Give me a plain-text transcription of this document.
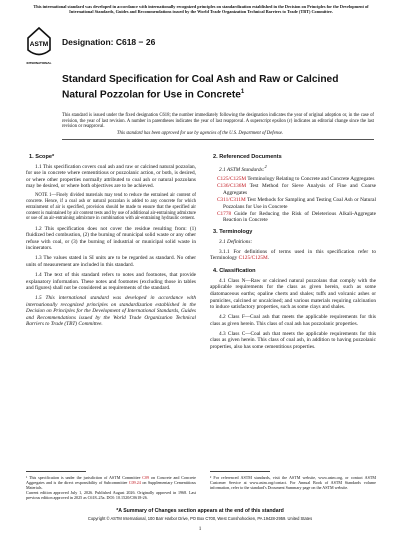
This international standard was developed in accordance with internationally recognized principles on standardization established in the Decision on Principles for the Development of International Standards, Guides and Recommendations issued by the World Trade Organization Technical Barriers to Trade (TBT) Committee.
ASTM
INTERNATIONAL
Designation: C618 − 26
Standard Specification for Coal Ash and Raw or Calcined Natural Pozzolan for Use in Concrete$^1$
This standard is issued under the fixed designation C618; the number immediately following the designation indicates the year of original adoption or, in the case of revision, the year of last revision. A number in parentheses indicates the year of last reapproval. A superscript epsilon (ε) indicates an editorial change since the last revision or reapproval.
This standard has been approved for use by agencies of the U.S. Department of Defense.
1. Scope*
1.1 This specification covers coal ash and raw or calcined natural pozzolan, for use in concrete where cementitious or pozzolanic action, or both, is desired, or where other properties normally attributed to coal ash or natural pozzolans may be desired, or where both objectives are to be achieved.
NOTE 1—Finely divided materials may tend to reduce the entrained air content of concrete. Hence, if a coal ash or natural pozzolan is added to any concrete for which entrainment of air is specified, provision should be made to ensure that the specified air content is maintained by air content tests and by use of additional air-entraining admixture or use of an air-entraining admixture in combination with air-entraining hydraulic cement.
1.2 This specification does not cover the residue resulting from: (1) fluidized bed combustion, (2) the burning of municipal solid waste or any other refuse with coal, or (3) the burning of industrial or municipal solid waste in incinerators.
1.3 The values stated in SI units are to be regarded as standard. No other units of measurement are included in this standard.
1.4 The text of this standard refers to notes and footnotes, that provide explanatory information. These notes and footnotes (excluding those in tables and figures) shall not be considered as requirements of the standard.
1.5 This international standard was developed in accordance with internationally recognized principles on standardization established in the Decision on Principles for the Development of International Standards, Guides and Recommendations issued by the World Trade Organization Technical Barriers to Trade (TBT) Committee.
¹ This specification is under the jurisdiction of ASTM Committee C09 on Concrete and Concrete Aggregates and is the direct responsibility of Subcommittee C09.24 on Supplementary Cementitious Materials.
Current edition approved July 1, 2026. Published August 2026. Originally approved in 1968. Last previous edition approved in 2025 as C618–25a. DOI: 10.1520/C0618-26.
2. Referenced Documents
2.1 ASTM Standards:$^2$
C125/C125M Terminology Relating to Concrete and Concrete Aggregates
C136/C136M Test Method for Sieve Analysis of Fine and Coarse Aggregates
C311/C311M Test Methods for Sampling and Testing Coal Ash or Natural Pozzolans for Use in Concrete
C1778 Guide for Reducing the Risk of Deleterious Alkali-Aggregate Reaction in Concrete
3. Terminology
3.1 Definitions:
3.1.1 For definitions of terms used in this specification refer to Terminology C125/C125M.
4. Classification
4.1 Class N—Raw or calcined natural pozzolans that comply with the applicable requirements for the class as given herein, such as some diatomaceous earths; opaline cherts and shales; tuffs and volcanic ashes or pumicites, calcined or uncalcined; and various materials requiring calcination to induce satisfactory properties, such as some clays and shales.
4.2 Class F—Coal ash that meets the applicable requirements for this class as given herein. This class of coal ash has pozzolanic properties.
4.3 Class C—Coal ash that meets the applicable requirements for this class as given herein. This class of coal ash, in addition to having pozzolanic properties, also has some cementitious properties.
² For referenced ASTM standards, visit the ASTM website, www.astm.org, or contact ASTM Customer Service at www.astm.org/contact. For Annual Book of ASTM Standards volume information, refer to the standard's Document Summary page on the ASTM website.
*A Summary of Changes section appears at the end of this standard
Copyright © ASTM International, 100 Barr Harbor Drive, PO Box C700, West Conshohocken, PA 19428-2959. United States
1
